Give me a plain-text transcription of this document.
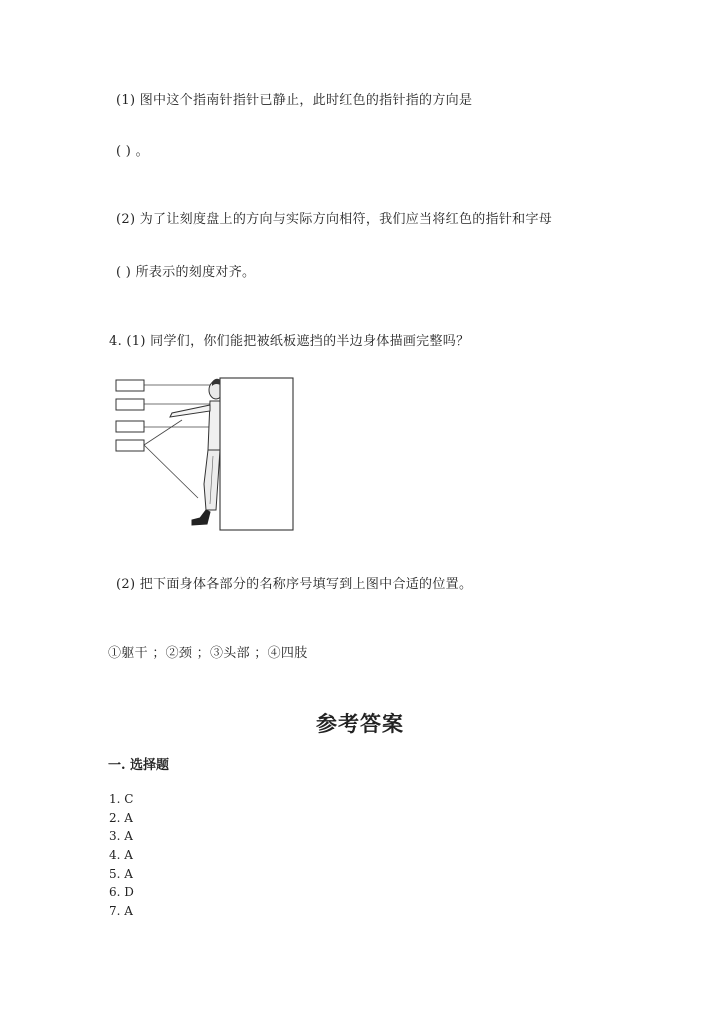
(1) 图中这个指南针指针已静止，此时红色的指针指的方向是
( ) 。
(2) 为了让刻度盘上的方向与实际方向相符，我们应当将红色的指针和字母
( ) 所表示的刻度对齐。
4. (1) 同学们，你们能把被纸板遮挡的半边身体描画完整吗？
(2) 把下面身体各部分的名称序号填写到上图中合适的位置。
①躯干 ；②颈 ；③头部 ；④四肢
参考答案
一. 选择题
1. C
2. A
3. A
4. A
5. A
6. D
7. A
